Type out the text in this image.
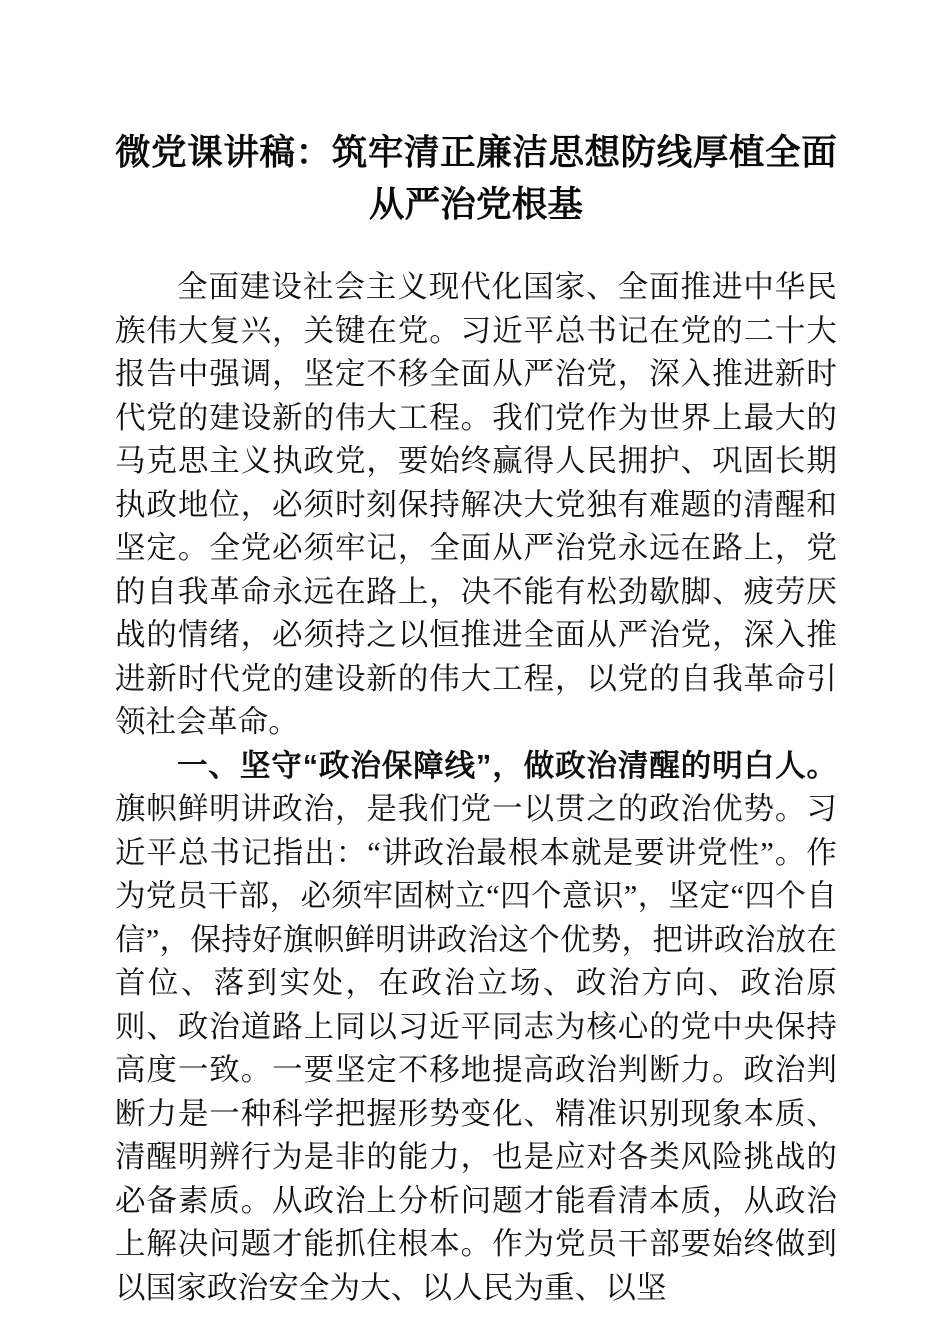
微党课讲稿：筑牢清正廉洁思想防线厚植全面从严治党根基

全面建设社会主义现代化国家、全面推进中华民族伟大复兴，关键在党。习近平总书记在党的二十大报告中强调，坚定不移全面从严治党，深入推进新时代党的建设新的伟大工程。我们党作为世界上最大的马克思主义执政党，要始终赢得人民拥护、巩固长期执政地位，必须时刻保持解决大党独有难题的清醒和坚定。全党必须牢记，全面从严治党永远在路上，党的自我革命永远在路上，决不能有松劲歇脚、疲劳厌战的情绪，必须持之以恒推进全面从严治党，深入推进新时代党的建设新的伟大工程，以党的自我革命引领社会革命。

一、坚守“政治保障线”，做政治清醒的明白人。旗帜鲜明讲政治，是我们党一以贯之的政治优势。习近平总书记指出：“讲政治最根本就是要讲党性”。作为党员干部，必须牢固树立“四个意识”，坚定“四个自信”，保持好旗帜鲜明讲政治这个优势，把讲政治放在首位、落到实处，在政治立场、政治方向、政治原则、政治道路上同以习近平同志为核心的党中央保持高度一致。一要坚定不移地提高政治判断力。政治判断力是一种科学把握形势变化、精准识别现象本质、清醒明辨行为是非的能力，也是应对各类风险挑战的必备素质。从政治上分析问题才能看清本质，从政治上解决问题才能抓住根本。作为党员干部要始终做到以国家政治安全为大、以人民为重、以坚
